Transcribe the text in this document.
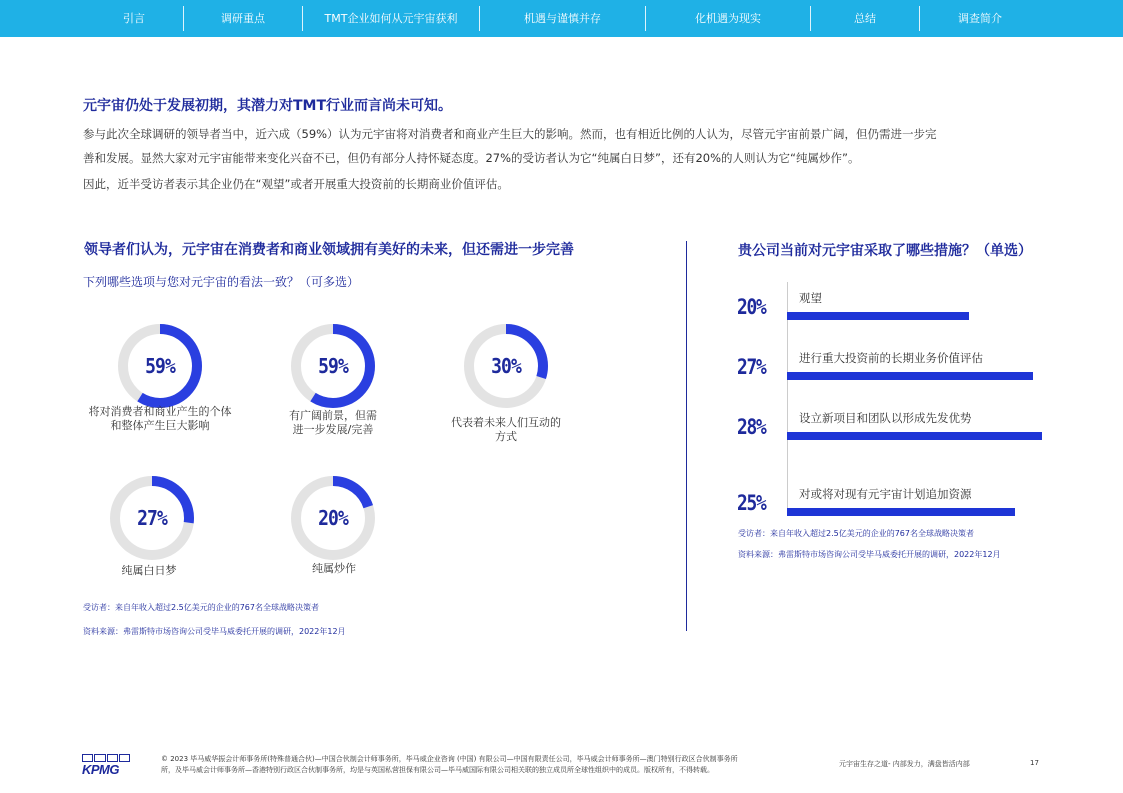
引言	调研重点	TMT企业如何从元宇宙获利	机遇与谨慎并存	化机遇为现实	总结	调查简介
元宇宙仍处于发展初期，其潜力对TMT行业而言尚未可知。
参与此次全球调研的领导者当中，近六成（59%）认为元宇宙将对消费者和商业产生巨大的影响。然而，也有相近比例的人认为，尽管元宇宙前景广阔，但仍需进一步完
善和发展。显然大家对元宇宙能带来变化兴奋不已，但仍有部分人持怀疑态度。27%的受访者认为它“纯属白日梦”，还有20%的人则认为它“纯属炒作”。
因此，近半受访者表示其企业仍在“观望”或者开展重大投资前的长期商业价值评估。
领导者们认为，元宇宙在消费者和商业领域拥有美好的未来，但还需进一步完善
下列哪些选项与您对元宇宙的看法一致？（可多选）
59%
将对消费者和商业产生的个体
和整体产生巨大影响
59%
有广阔前景，但需
进一步发展/完善
30%
代表着未来人们互动的
方式
27%
纯属白日梦
20%
纯属炒作
受访者：来自年收入超过2.5亿美元的企业的767名全球战略决策者
资料来源：弗雷斯特市场咨询公司受毕马威委托开展的调研，2022年12月
贵公司当前对元宇宙采取了哪些措施？（单选）
20%	观望
27%	进行重大投资前的长期业务价值评估
28%	设立新项目和团队以形成先发优势
25%	对或将对现有元宇宙计划追加资源
受访者：来自年收入超过2.5亿美元的企业的767名全球战略决策者
资料来源：弗雷斯特市场咨询公司受毕马威委托开展的调研，2022年12月
KPMG
© 2023 毕马威华振会计师事务所(特殊普通合伙)—中国合伙制会计师事务所，毕马威企业咨询 (中国) 有限公司—中国有限责任公司，毕马威会计师事务所—澳门特别行政区合伙制事务所
所，及毕马威会计师事务所—香港特别行政区合伙制事务所，均是与英国私营担保有限公司—毕马威国际有限公司相关联的独立成员所全球性组织中的成员。版权所有，不得转载。
元宇宙生存之道- 内部发力，满盘皆活内部	17
